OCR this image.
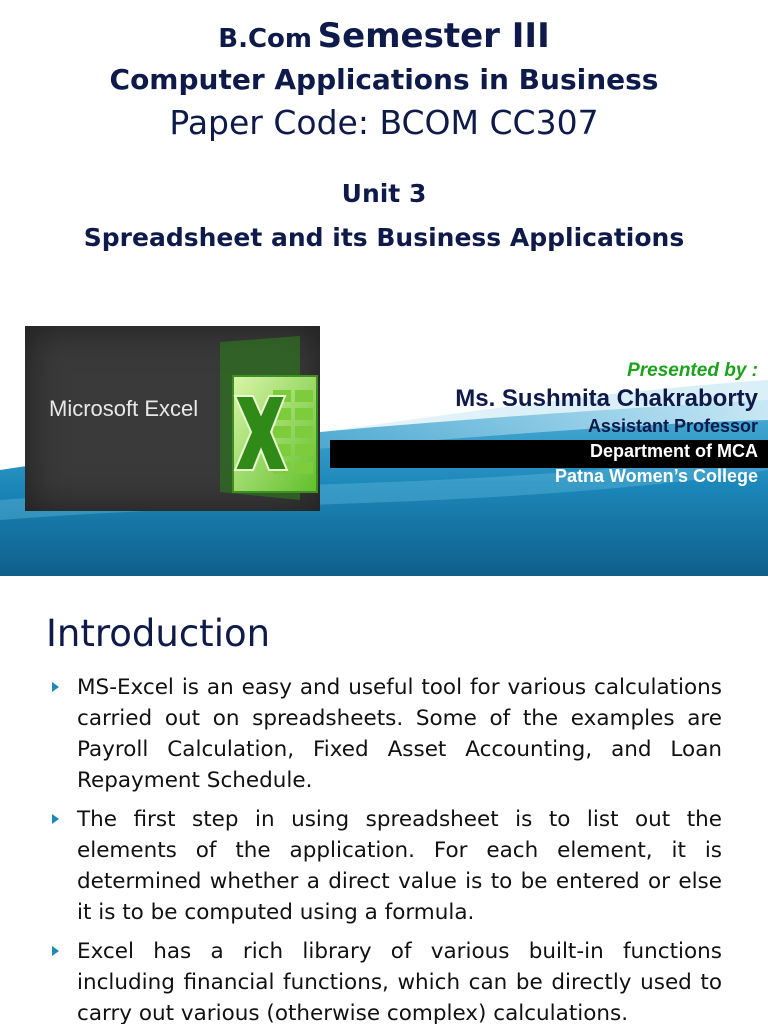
B.Com Semester III
Computer Applications in Business
Paper Code: BCOM CC307
Unit 3
Spreadsheet and its Business Applications
Microsoft Excel
Presented by :
Ms. Sushmita Chakraborty
Assistant Professor
Department of MCA
Patna Women’s College
Introduction
MS-Excel is an easy and useful tool for various calculations carried out on spreadsheets. Some of the examples are Payroll Calculation, Fixed Asset Accounting, and Loan Repayment Schedule.
The first step in using spreadsheet is to list out the elements of the application. For each element, it is determined whether a direct value is to be entered or else it is to be computed using a formula.
Excel has a rich library of various built-in functions including financial functions, which can be directly used to carry out various (otherwise complex) calculations.
